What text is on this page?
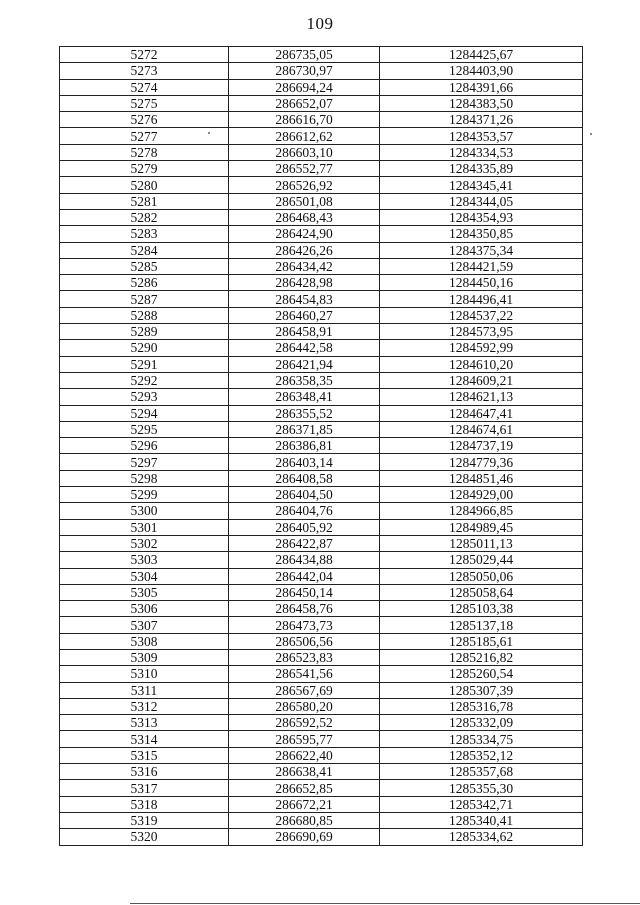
109
5272	286735,05	1284425,67
5273	286730,97	1284403,90
5274	286694,24	1284391,66
5275	286652,07	1284383,50
5276	286616,70	1284371,26
5277	286612,62	1284353,57
5278	286603,10	1284334,53
5279	286552,77	1284335,89
5280	286526,92	1284345,41
5281	286501,08	1284344,05
5282	286468,43	1284354,93
5283	286424,90	1284350,85
5284	286426,26	1284375,34
5285	286434,42	1284421,59
5286	286428,98	1284450,16
5287	286454,83	1284496,41
5288	286460,27	1284537,22
5289	286458,91	1284573,95
5290	286442,58	1284592,99
5291	286421,94	1284610,20
5292	286358,35	1284609,21
5293	286348,41	1284621,13
5294	286355,52	1284647,41
5295	286371,85	1284674,61
5296	286386,81	1284737,19
5297	286403,14	1284779,36
5298	286408,58	1284851,46
5299	286404,50	1284929,00
5300	286404,76	1284966,85
5301	286405,92	1284989,45
5302	286422,87	1285011,13
5303	286434,88	1285029,44
5304	286442,04	1285050,06
5305	286450,14	1285058,64
5306	286458,76	1285103,38
5307	286473,73	1285137,18
5308	286506,56	1285185,61
5309	286523,83	1285216,82
5310	286541,56	1285260,54
5311	286567,69	1285307,39
5312	286580,20	1285316,78
5313	286592,52	1285332,09
5314	286595,77	1285334,75
5315	286622,40	1285352,12
5316	286638,41	1285357,68
5317	286652,85	1285355,30
5318	286672,21	1285342,71
5319	286680,85	1285340,41
5320	286690,69	1285334,62
